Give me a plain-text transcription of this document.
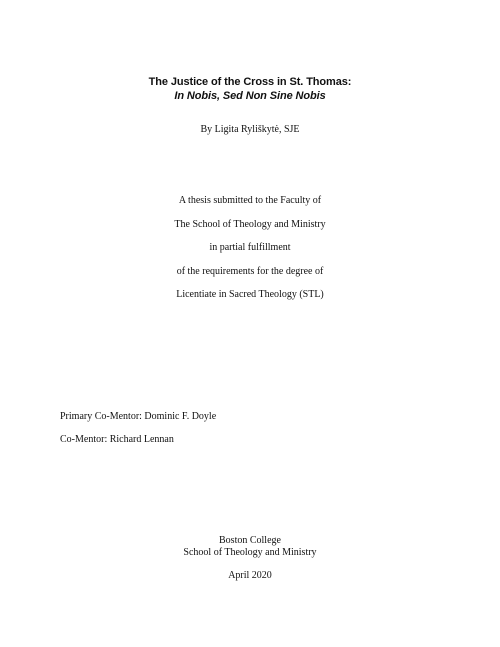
The Justice of the Cross in St. Thomas:
In Nobis, Sed Non Sine Nobis
By Ligita Ryliškytė, SJE
A thesis submitted to the Faculty of
The School of Theology and Ministry
in partial fulfillment
of the requirements for the degree of
Licentiate in Sacred Theology (STL)
Primary Co-Mentor: Dominic F. Doyle
Co-Mentor: Richard Lennan
Boston College
School of Theology and Ministry
April 2020
